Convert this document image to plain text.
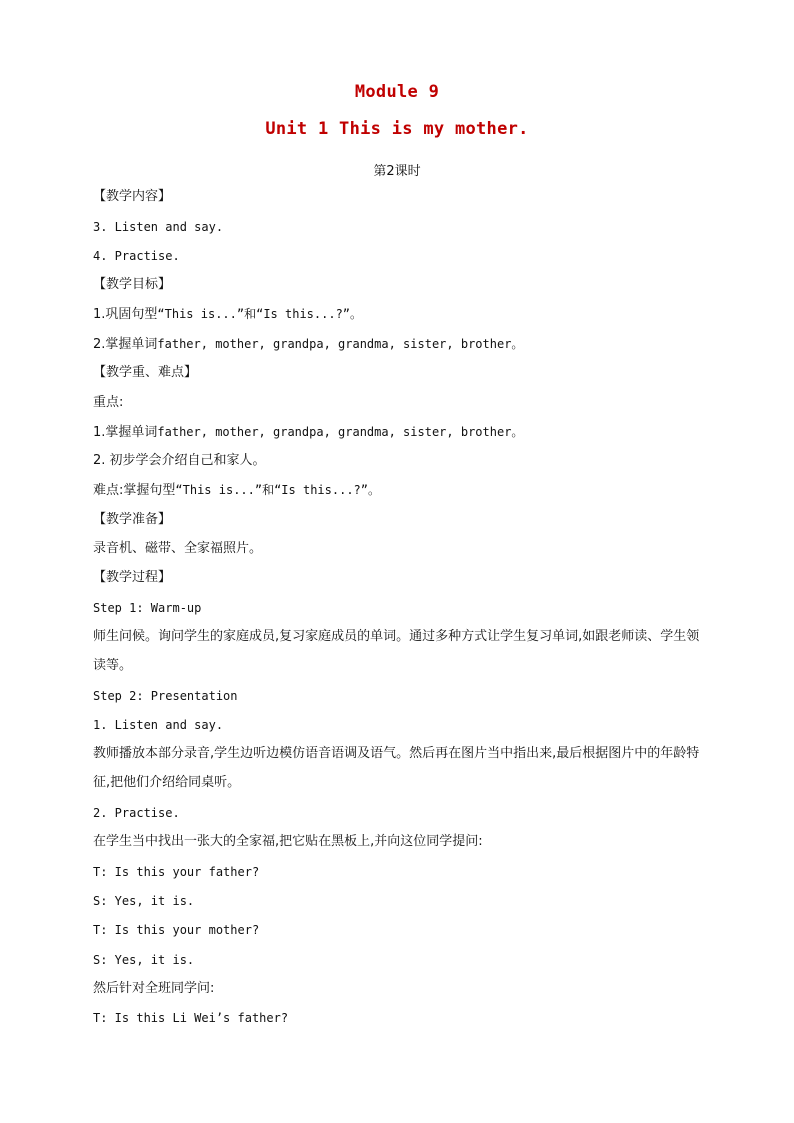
Module 9
Unit 1 This is my mother.
第2课时

【教学内容】

3. Listen and say.

4. Practise.

【教学目标】

1.巩固句型“This is...”和“Is this...?”。

2.掌握单词father, mother, grandpa, grandma, sister, brother。

【教学重、难点】

重点:

1.掌握单词father, mother, grandpa, grandma, sister, brother。

2. 初步学会介绍自己和家人。

难点:掌握句型“This is...”和“Is this...?”。

【教学准备】

录音机、磁带、全家福照片。

【教学过程】

Step 1: Warm-up

师生问候。询问学生的家庭成员,复习家庭成员的单词。通过多种方式让学生复习单词,如跟老师读、学生领读等。

Step 2: Presentation

1. Listen and say.

教师播放本部分录音,学生边听边模仿语音语调及语气。然后再在图片当中指出来,最后根据图片中的年龄特征,把他们介绍给同桌听。

2. Practise.

在学生当中找出一张大的全家福,把它贴在黑板上,并向这位同学提问:

T: Is this your father?

S: Yes, it is.

T: Is this your mother?

S: Yes, it is.

然后针对全班同学问:

T: Is this Li Wei’s father?
